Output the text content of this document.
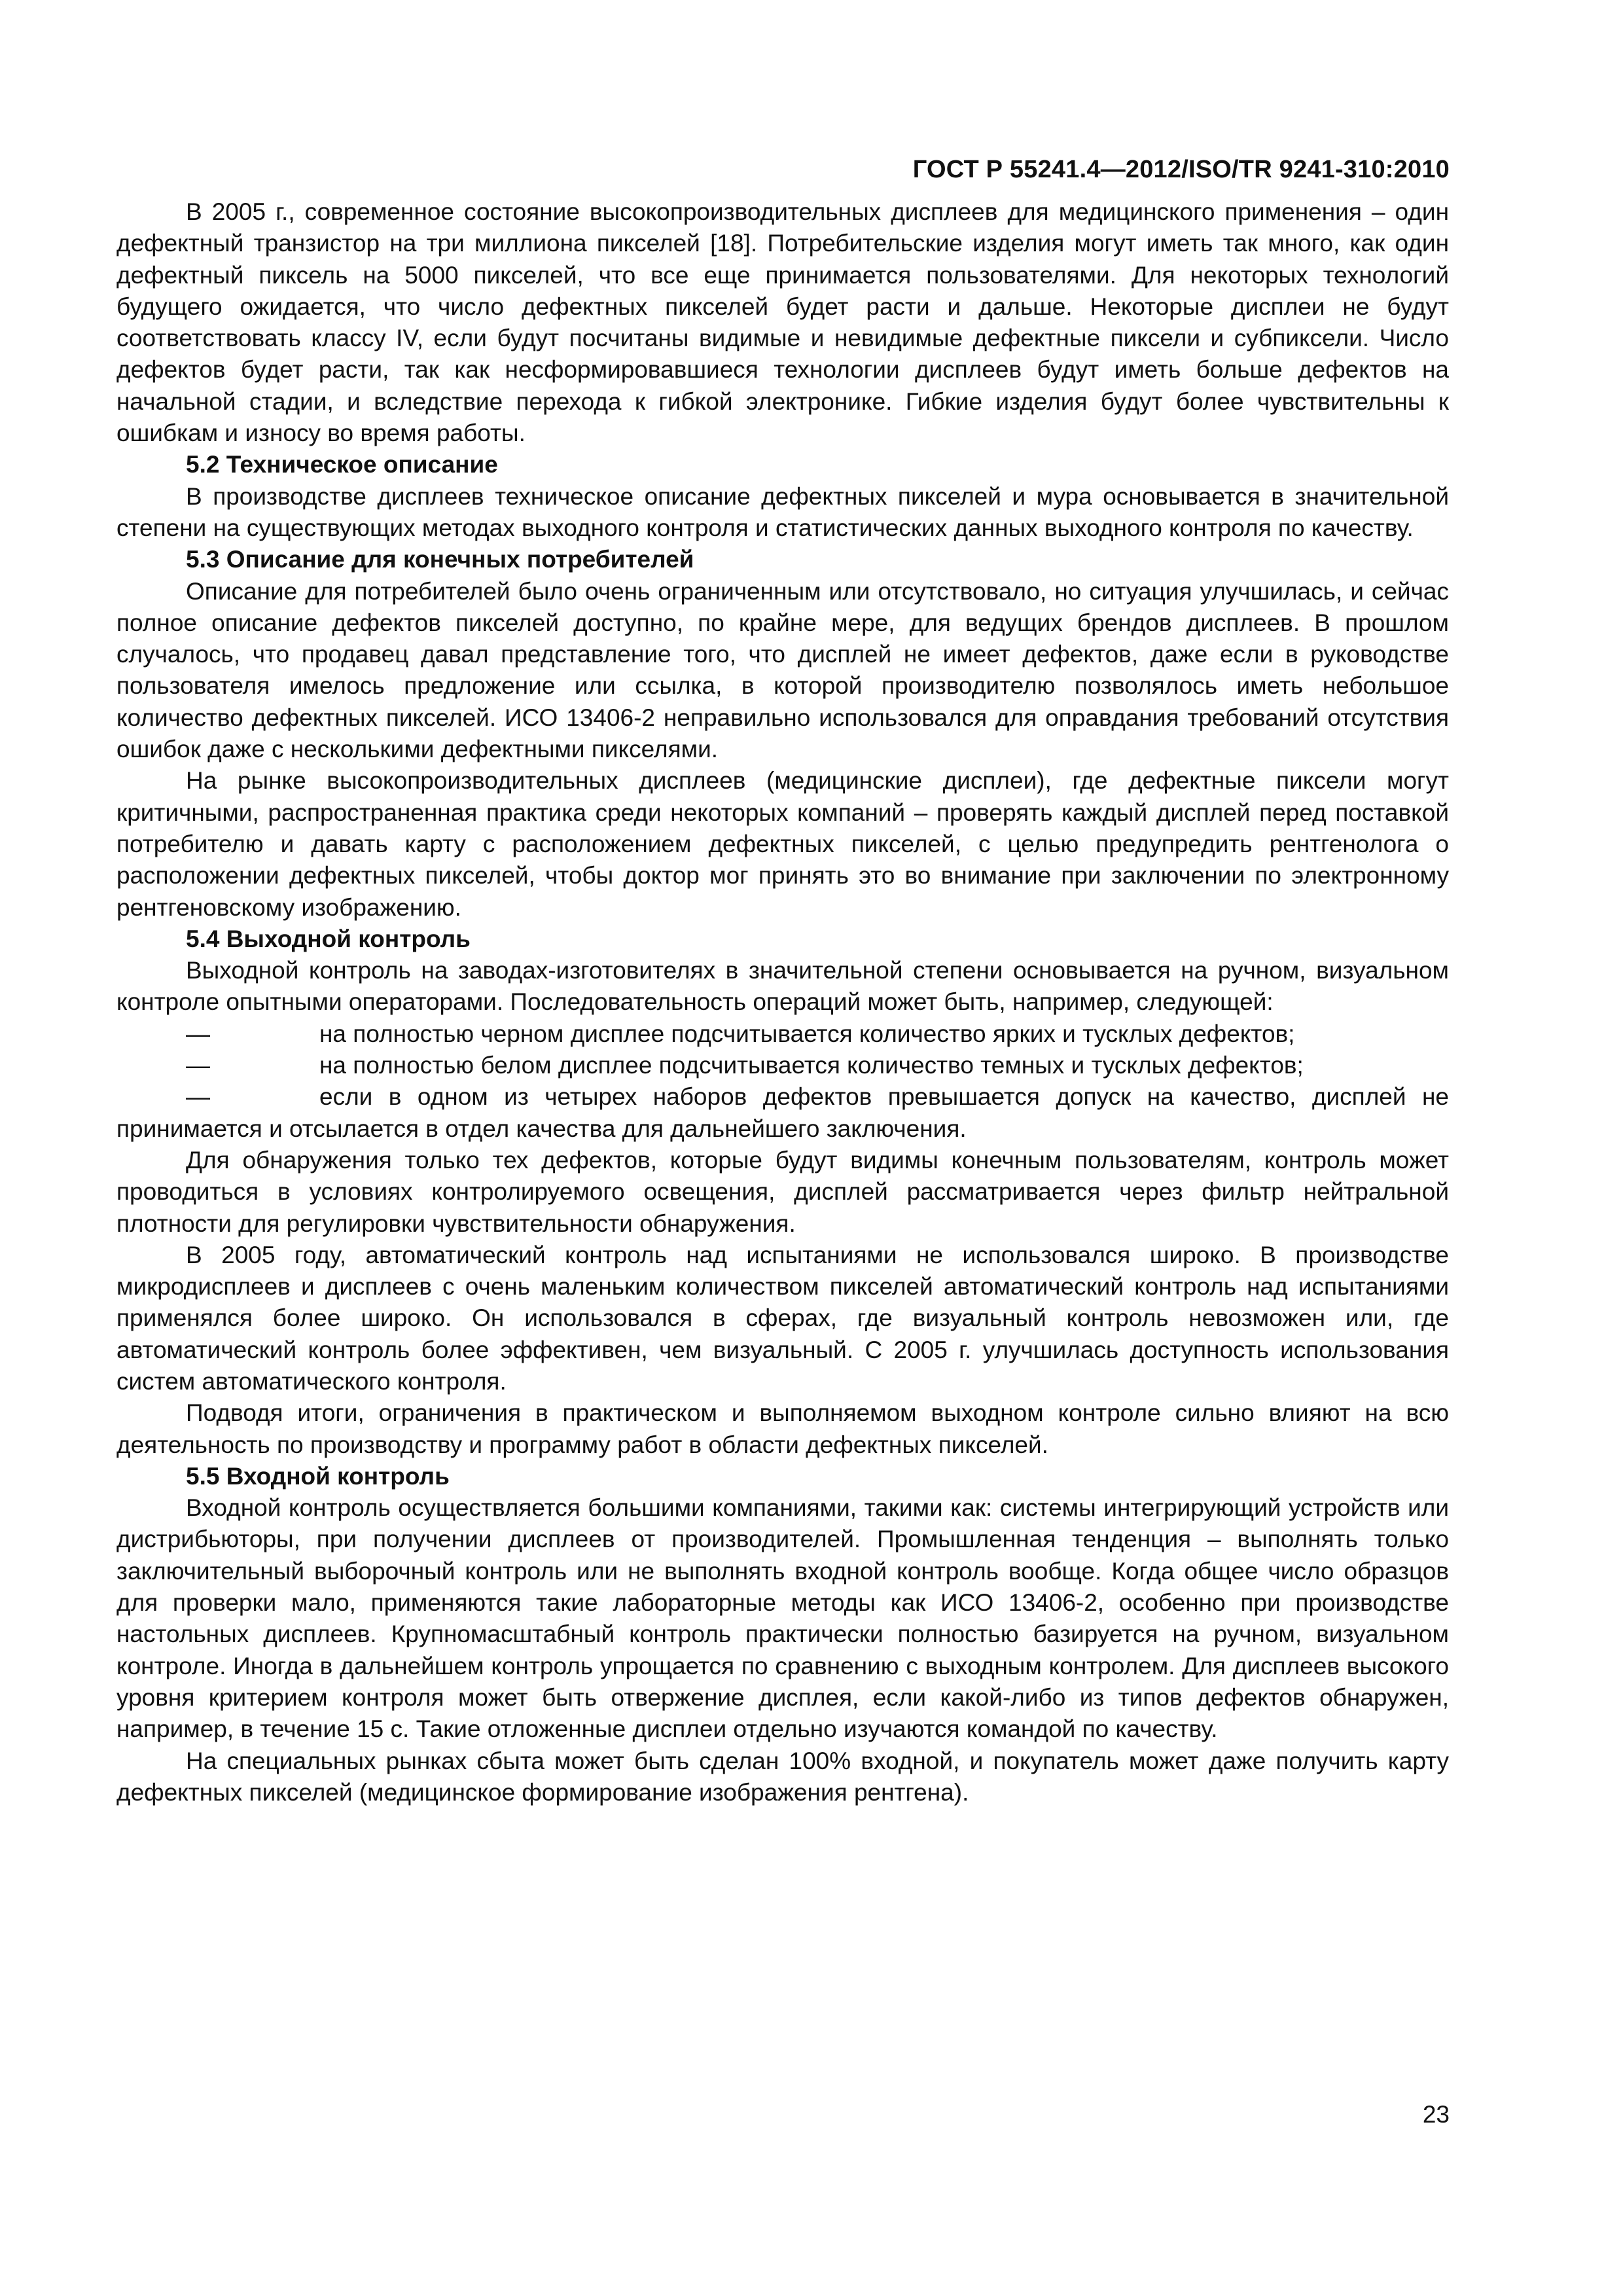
ГОСТ Р 55241.4—2012/ISO/TR 9241-310:2010

В 2005 г., современное состояние высокопроизводительных дисплеев для медицинского применения – один дефектный транзистор на три миллиона пикселей [18]. Потребительские изделия могут иметь так много, как один дефектный пиксель на 5000 пикселей, что все еще принимается пользователями. Для некоторых технологий будущего ожидается, что число дефектных пикселей будет расти и дальше. Некоторые дисплеи не будут соответствовать классу IV, если будут посчитаны видимые и невидимые дефектные пиксели и субпиксели. Число дефектов будет расти, так как несформировавшиеся технологии дисплеев будут иметь больше дефектов на начальной стадии, и вследствие перехода к гибкой электронике. Гибкие изделия будут более чувствительны к ошибкам и износу во время работы.

5.2 Техническое описание

В производстве дисплеев техническое описание дефектных пикселей и мура основывается в значительной степени на существующих методах выходного контроля и статистических данных выходного контроля по качеству.

5.3 Описание для конечных потребителей

Описание для потребителей было очень ограниченным или отсутствовало, но ситуация улучшилась, и сейчас полное описание дефектов пикселей доступно, по крайне мере, для ведущих брендов дисплеев. В прошлом случалось, что продавец давал представление того, что дисплей не имеет дефектов, даже если в руководстве пользователя имелось предложение или ссылка, в которой производителю позволялось иметь небольшое количество дефектных пикселей. ИСО 13406-2 неправильно использовался для оправдания требований отсутствия ошибок даже с несколькими дефектными пикселями.

На рынке высокопроизводительных дисплеев (медицинские дисплеи), где дефектные пиксели могут критичными, распространенная практика среди некоторых компаний – проверять каждый дисплей перед поставкой потребителю и давать карту с расположением дефектных пикселей, с целью предупредить рентгенолога о расположении дефектных пикселей, чтобы доктор мог принять это во внимание при заключении по электронному рентгеновскому изображению.

5.4 Выходной контроль

Выходной контроль на заводах-изготовителях в значительной степени основывается на ручном, визуальном контроле опытными операторами. Последовательность операций может быть, например, следующей:

—	на полностью черном дисплее подсчитывается количество ярких и тусклых дефектов;
—	на полностью белом дисплее подсчитывается количество темных и тусклых дефектов;
—	если в одном из четырех наборов дефектов превышается допуск на качество, дисплей не принимается и отсылается в отдел качества для дальнейшего заключения.

Для обнаружения только тех дефектов, которые будут видимы конечным пользователям, контроль может проводиться в условиях контролируемого освещения, дисплей рассматривается через фильтр нейтральной плотности для регулировки чувствительности обнаружения.

В 2005 году, автоматический контроль над испытаниями не использовался широко. В производстве микродисплеев и дисплеев с очень маленьким количеством пикселей автоматический контроль над испытаниями применялся более широко. Он использовался в сферах, где визуальный контроль невозможен или, где автоматический контроль более эффективен, чем визуальный. С 2005 г. улучшилась доступность использования систем автоматического контроля.

Подводя итоги, ограничения в практическом и выполняемом выходном контроле сильно влияют на всю деятельность по производству и программу работ в области дефектных пикселей.

5.5 Входной контроль

Входной контроль осуществляется большими компаниями, такими как: системы интегрирующий устройств или дистрибьюторы, при получении дисплеев от производителей. Промышленная тенденция – выполнять только заключительный выборочный контроль или не выполнять входной контроль вообще. Когда общее число образцов для проверки мало, применяются такие лабораторные методы как ИСО 13406-2, особенно при производстве настольных дисплеев. Крупномасштабный контроль практически полностью базируется на ручном, визуальном контроле. Иногда в дальнейшем контроль упрощается по сравнению с выходным контролем. Для дисплеев высокого уровня критерием контроля может быть отвержение дисплея, если какой-либо из типов дефектов обнаружен, например, в течение 15 с. Такие отложенные дисплеи отдельно изучаются командой по качеству.

На специальных рынках сбыта может быть сделан 100% входной, и покупатель может даже получить карту дефектных пикселей (медицинское формирование изображения рентгена).

23
